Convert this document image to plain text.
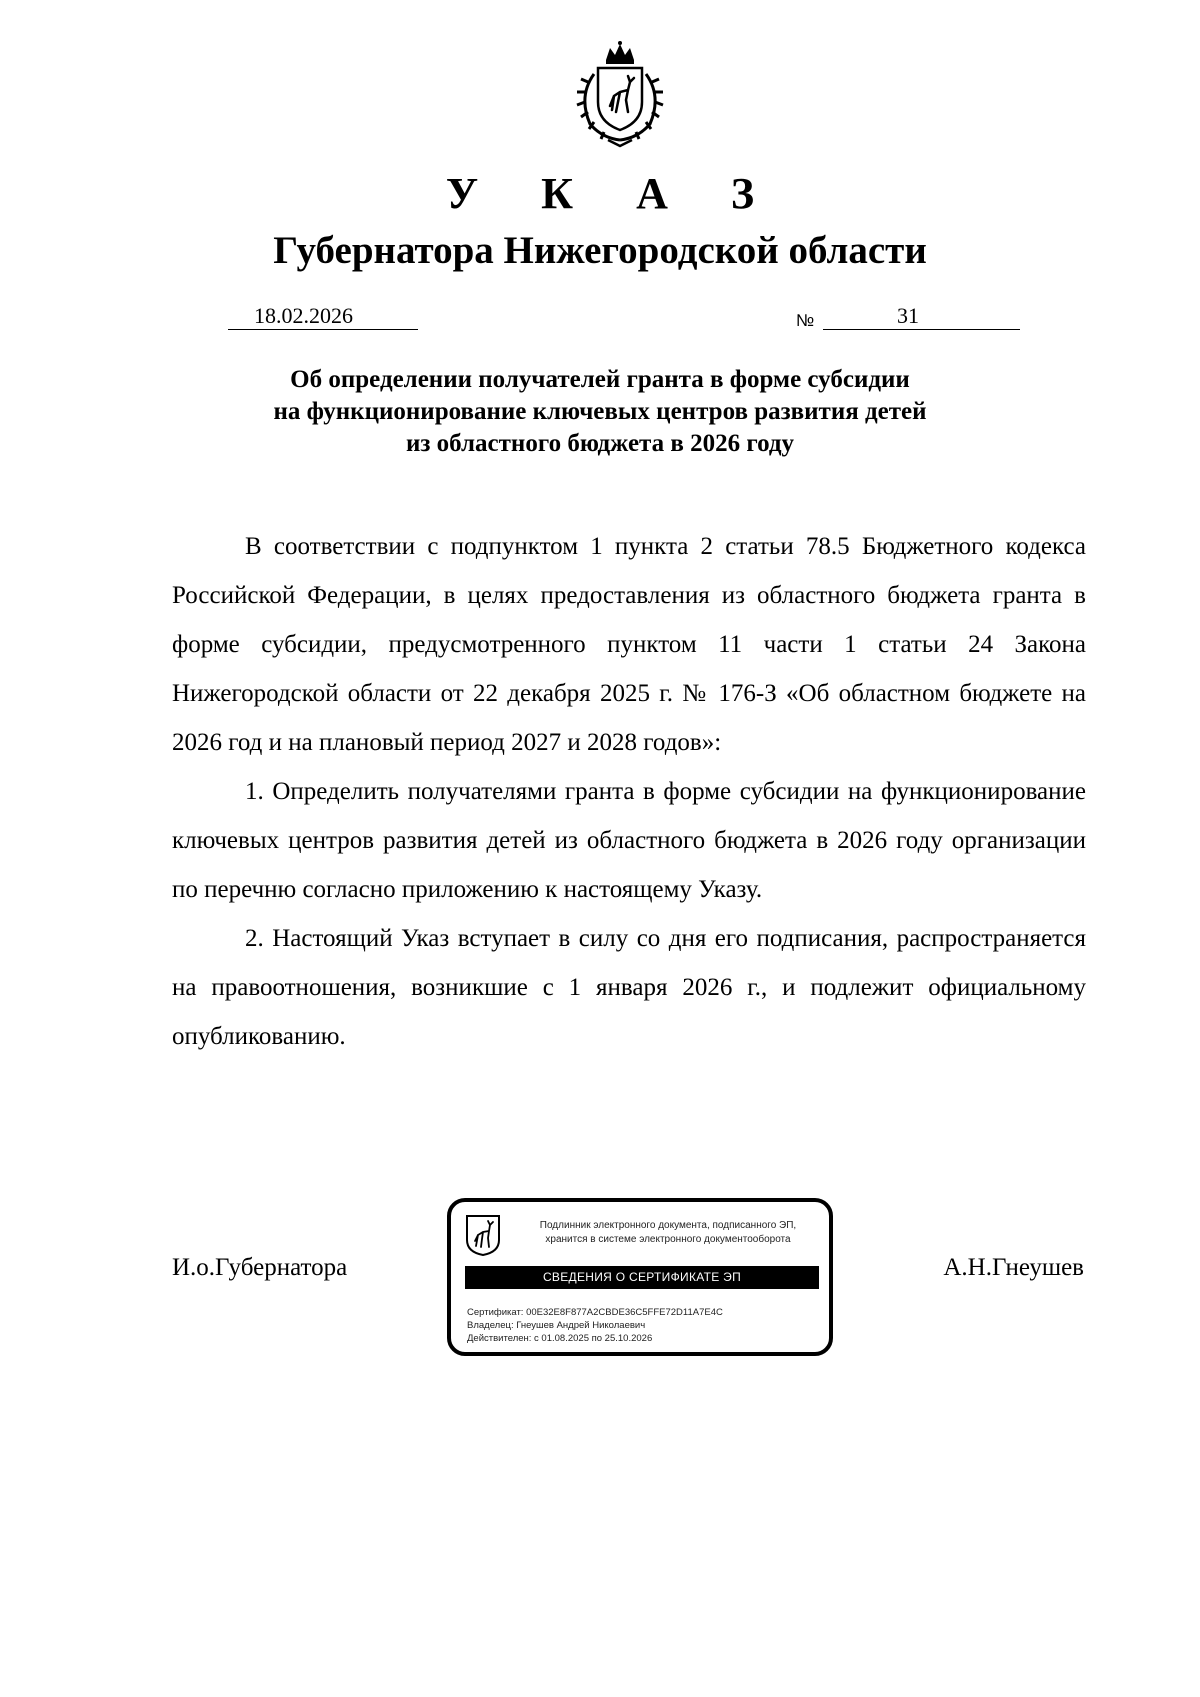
У К А З
Губернатора Нижегородской области
18.02.2026	№	31
Об определении получателей гранта в форме субсидии
на функционирование ключевых центров развития детей
из областного бюджета в 2026 году

В соответствии с подпунктом 1 пункта 2 статьи 78.5 Бюджетного кодекса Российской Федерации, в целях предоставления из областного бюджета гранта в форме субсидии, предусмотренного пунктом 11 части 1 статьи 24 Закона Нижегородской области от 22 декабря 2025 г. № 176-З «Об областном бюджете на 2026 год и на плановый период 2027 и 2028 годов»:

1. Определить получателями гранта в форме субсидии на функционирование ключевых центров развития детей из областного бюджета в 2026 году организации по перечню согласно приложению к настоящему Указу.

2. Настоящий Указ вступает в силу со дня его подписания, распространяется на правоотношения, возникшие с 1 января 2026 г., и подлежит официальному опубликованию.

И.о.Губернатора
Подлинник электронного документа, подписанного ЭП,
хранится в системе электронного документооборота
СВЕДЕНИЯ О СЕРТИФИКАТЕ ЭП
Сертификат: 00E32E8F877A2CBDE36C5FFE72D11A7E4C
Владелец: Гнеушев Андрей Николаевич
Действителен: с 01.08.2025 по 25.10.2026
А.Н.Гнеушев
